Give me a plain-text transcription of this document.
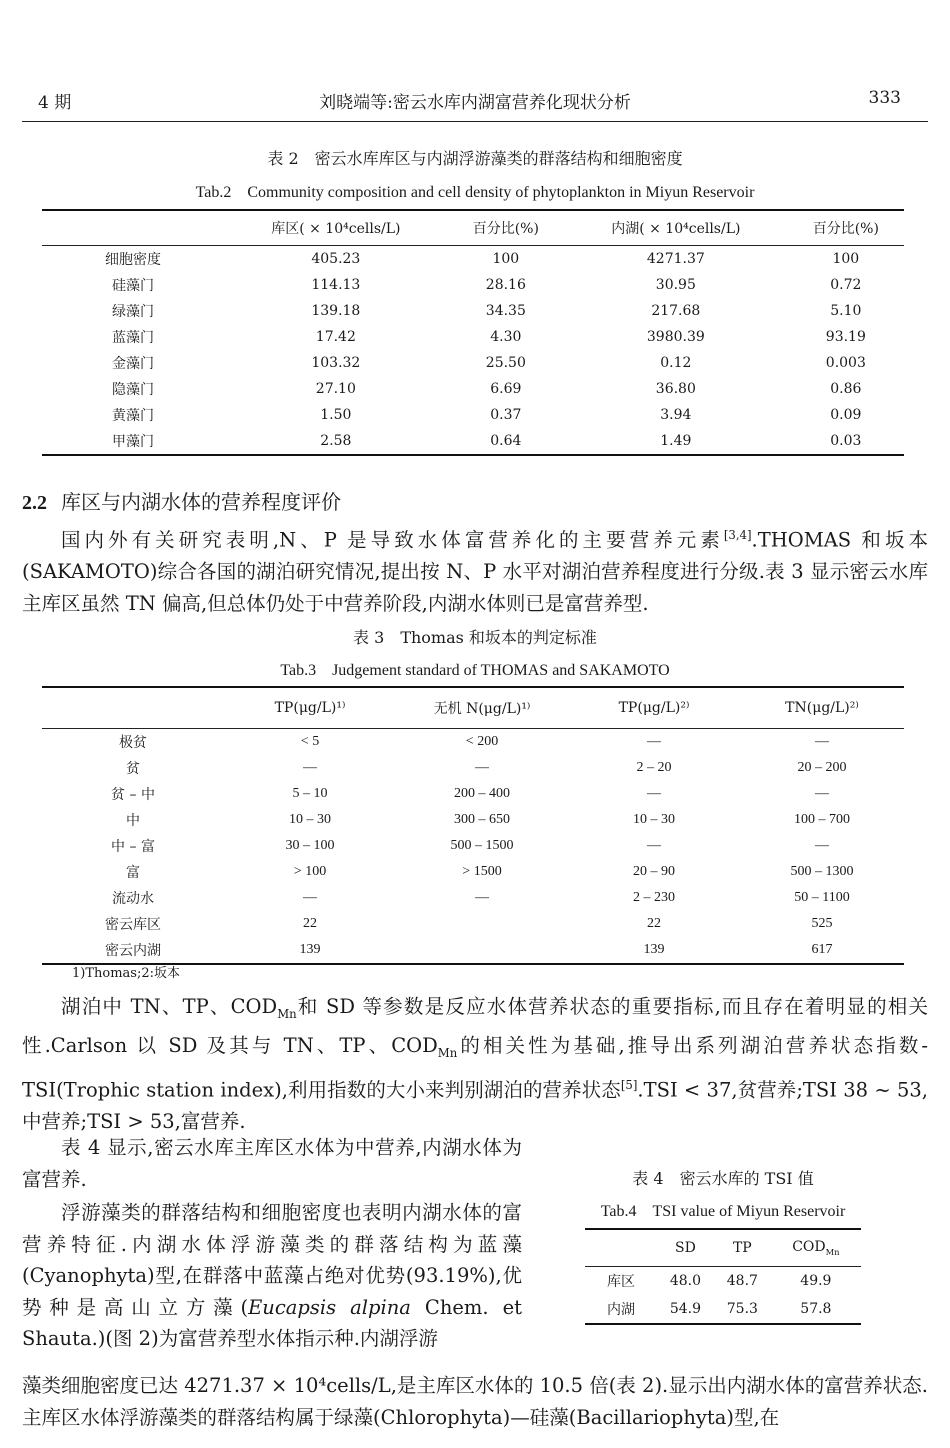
4 期	刘晓端等:密云水库内湖富营养化现状分析	333
表 2　密云水库库区与内湖浮游藻类的群落结构和细胞密度
Tab.2　Community composition and cell density of phytoplankton in Miyun Reservoir
	库区( × 10⁴cells/L)	百分比(%)	内湖( × 10⁴cells/L)	百分比(%)
细胞密度	405.23	100	4271.37	100
硅藻门	114.13	28.16	30.95	0.72
绿藻门	139.18	34.35	217.68	5.10
蓝藻门	17.42	4.30	3980.39	93.19
金藻门	103.32	25.50	0.12	0.003
隐藻门	27.10	6.69	36.80	0.86
黄藻门	1.50	0.37	3.94	0.09
甲藻门	2.58	0.64	1.49	0.03
2.2 库区与内湖水体的营养程度评价
国内外有关研究表明,N、P 是导致水体富营养化的主要营养元素[3,4].THOMAS 和坂本(SAKAMOTO)综合各国的湖泊研究情况,提出按 N、P 水平对湖泊营养程度进行分级.表 3 显示密云水库主库区虽然 TN 偏高,但总体仍处于中营养阶段,内湖水体则已是富营养型.
表 3　Thomas 和坂本的判定标准
Tab.3　Judgement standard of THOMAS and SAKAMOTO
	TP(μg/L)¹⁾	无机 N(μg/L)¹⁾	TP(μg/L)²⁾	TN(μg/L)²⁾
极贫	< 5	< 200	—	—
贫	—	—	2 – 20	20 – 200
贫 – 中	5 – 10	200 – 400	—	—
中	10 – 30	300 – 650	10 – 30	100 – 700
中 – 富	30 – 100	500 – 1500	—	—
富	> 100	> 1500	20 – 90	500 – 1300
流动水	—	—	2 – 230	50 – 1100
密云库区	22		22	525
密云内湖	139		139	617
1)Thomas;2:坂本
湖泊中 TN、TP、$COD_{Mn}$和 SD 等参数是反应水体营养状态的重要指标,而且存在着明显的相关性.Carlson 以 SD 及其与 TN、TP、$COD_{Mn}$的相关性为基础,推导出系列湖泊营养状态指数-TSI(Trophic station index),利用指数的大小来判别湖泊的营养状态[5].TSI < 37,贫营养;TSI 38 ~ 53,中营养;TSI > 53,富营养.
表 4 显示,密云水库主库区水体为中营养,内湖水体为富营养.
浮游藻类的群落结构和细胞密度也表明内湖水体的富营养特征.内湖水体浮游藻类的群落结构为蓝藻(Cyanophyta)型,在群落中蓝藻占绝对优势(93.19%),优势种是高山立方藻(Eucapsis alpina Chem. et Shauta.)(图 2)为富营养型水体指示种.内湖浮游
表 4　密云水库的 TSI 值
Tab.4　TSI value of Miyun Reservoir
	SD	TP	$COD_{Mn}$
库区	48.0	48.7	49.9
内湖	54.9	75.3	57.8
藻类细胞密度已达 4271.37 × 10⁴cells/L,是主库区水体的 10.5 倍(表 2).显示出内湖水体的富营养状态.主库区水体浮游藻类的群落结构属于绿藻(Chlorophyta)—硅藻(Bacillariophyta)型,在
